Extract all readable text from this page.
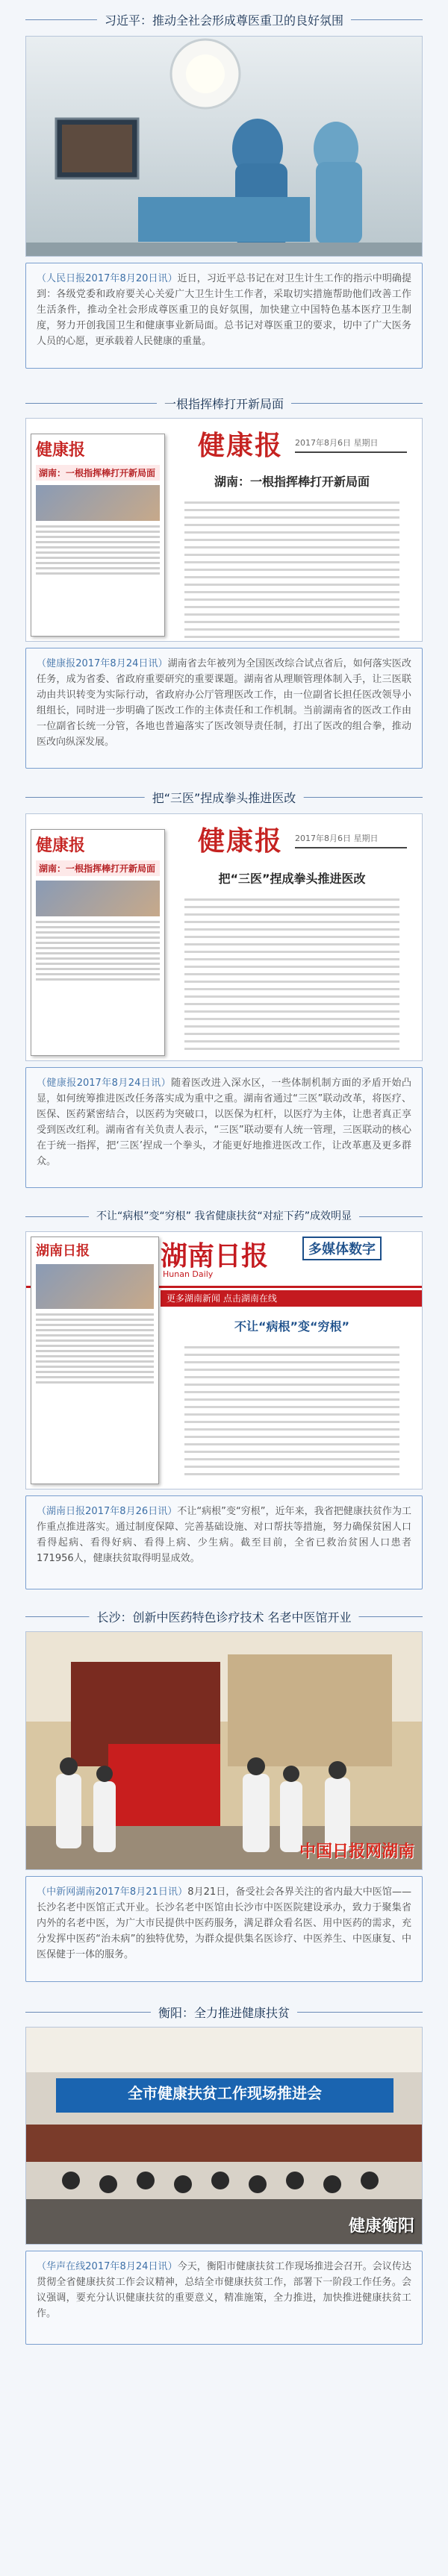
习近平：推动全社会形成尊医重卫的良好氛围
（人民日报2017年8月20日讯）近日，习近平总书记在对卫生计生工作的指示中明确提到：各级党委和政府要关心关爱广大卫生计生工作者，采取切实措施帮助他们改善工作生活条件，推动全社会形成尊医重卫的良好氛围，加快建立中国特色基本医疗卫生制度，努力开创我国卫生和健康事业新局面。总书记对尊医重卫的要求，切中了广大医务人员的心愿，更承载着人民健康的重量。
一根指挥棒打开新局面
健康报 2017年8月6日 星期日
健康报
湖南：一根指挥棒打开新局面
湖南：一根指挥棒打开新局面
（健康报2017年8月24日讯）湖南省去年被列为全国医改综合试点省后，如何落实医改任务，成为省委、省政府重要研究的重要课题。湖南省从理顺管理体制入手，让三医联动由共识转变为实际行动，省政府办公厅管理医改工作，由一位副省长担任医改领导小组组长，同时进一步明确了医改工作的主体责任和工作机制。当前湖南省的医改工作由一位副省长统一分管，各地也普遍落实了医改领导责任制，打出了医改的组合拳，推动医改向纵深发展。
把“三医”捏成拳头推进医改
健康报 2017年8月6日 星期日
健康报
湖南：一根指挥棒打开新局面
把“三医”捏成拳头推进医改
（健康报2017年8月24日讯）随着医改进入深水区，一些体制机制方面的矛盾开始凸显，如何统筹推进医改任务落实成为重中之重。湖南省通过“三医”联动改革，将医疗、医保、医药紧密结合，以医药为突破口，以医保为杠杆，以医疗为主体，让患者真正享受到医改红利。湖南省有关负责人表示，“三医”联动要有人统一管理，三医联动的核心在于统一指挥，把‘三医’捏成一个拳头，才能更好地推进医改工作，让改革惠及更多群众。
不让“病根”变“穷根” 我省健康扶贫“对症下药”成效明显
湖南日报
Hunan Daily
多媒体数字
更多湖南新闻 点击湖南在线
湖南日报
不让“病根”变“穷根”
（湖南日报2017年8月26日讯）不让“病根”变“穷根”，近年来，我省把健康扶贫作为工作重点推进落实。通过制度保障、完善基础设施、对口帮扶等措施，努力确保贫困人口看得起病、看得好病、看得上病、少生病。截至目前，全省已救治贫困人口患者171956人，健康扶贫取得明显成效。
长沙：创新中医药特色诊疗技术 名老中医馆开业
中国日报网湖南
（中新网湖南2017年8月21日讯）8月21日，备受社会各界关注的省内最大中医馆——长沙名老中医馆正式开业。长沙名老中医馆由长沙市中医医院建设承办，致力于聚集省内外的名老中医，为广大市民提供中医药服务，满足群众看名医、用中医药的需求，充分发挥中医药“治未病”的独特优势，为群众提供集名医诊疗、中医养生、中医康复、中医保健于一体的服务。
衡阳：全力推进健康扶贫
全市健康扶贫工作现场推进会
健康衡阳
（华声在线2017年8月24日讯）今天，衡阳市健康扶贫工作现场推进会召开。会议传达贯彻全省健康扶贫工作会议精神，总结全市健康扶贫工作，部署下一阶段工作任务。会议强调，要充分认识健康扶贫的重要意义，精准施策，全力推进，加快推进健康扶贫工作。
